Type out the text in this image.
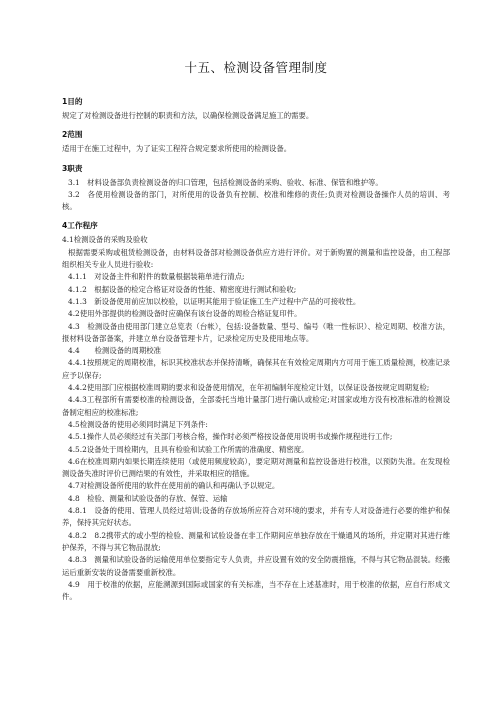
十五、检测设备管理制度
1目的
规定了对检测设备进行控制的职责和方法，以确保检测设备满足施工的需要。
2范围
适用于在施工过程中，为了证实工程符合规定要求所使用的检测设备。
3职责
3.1　材料设备部负责检测设备的归口管理，包括检测设备的采购、验收、标准、保管和维护等。
3.2　各使用检测设备的部门，对所使用的设备负有控制、校准和维修的责任;负责对检测设备操作人员的培训、考核。
4工作程序
4.1检测设备的采购及验收
根据需要采购或租赁检测设备，由材料设备部对检测设备供应方进行评价。对于新购置的测量和监控设备，由工程部组织相关专业人员进行验收:
4.1.1　对设备主件和附件的数量根据装箱单进行清点;
4.1.2　根据设备的检定合格证对设备的性能、精密度进行测试和验收;
4.1.3　新设备使用前应加以校验，以证明其能用于验证施工生产过程中产品的可接收性。
4.2使用外部提供的检测设备时应确保有该台设备的周检合格证复印件。
4.3　检测设备由使用部门建立总览表（台帐），包括:设备数量、型号、编号（唯一性标识）、检定周期、校准方法，报材料设备部备案，并建立单台设备管理卡片，记录检定历史及使用地点等。
4.4　　检测设备的周期校准
4.4.1按照规定的周期校准，标识其校准状态并保持清晰，确保其在有效检定周期内方可用于施工质量检测，校准记录应予以保存;
4.4.2使用部门应根据校准周期的要求和设备使用情况，在年初编制年度检定计划，以保证设备按规定周期复检;
4.4.3工程部所有需要校准的检测设备，全部委托当地计量部门进行确认或检定;对国家或地方没有校准标准的检测设备制定相应的校准标准;
4.5检测设备的使用必须同时满足下列条件:
4.5.1操作人员必须经过有关部门考核合格，操作时必须严格按设备使用说明书或操作规程进行工作;
4.5.2设备处于周检期内，且具有检验和试验工作所需的准确度、精密度。
4.6在校准周期内如果长期连续使用（或使用频度较高），要定期对测量和监控设备进行校准，以预防失准。在发现检测设备失准时评价已测结果的有效性，并采取相应的措施。
4.7对检测设备所使用的软件在使用前的确认和再确认予以规定。
4.8　检验、测量和试验设备的存放、保管、运输
4.8.1　设备的使用、管理人员经过培训;设备的存放场所应符合对环境的要求，并有专人对设备进行必要的维护和保养，保持其完好状态。
4.8.2　8.2携带式的或小型的检验、测量和试验设备在非工作期间应单独存放在干燥通风的场所，并定期对其进行维护保养，不得与其它物品混放;
4.8.3　测量和试验设备的运输使用单位要指定专人负责，并应设置有效的安全防震措施，不得与其它物品混装。经搬运后重新安装的设备需要重新校准。
4.9　用于校准的依据，应能溯源到国际或国家的有关标准，当不存在上述基准时，用于校准的依据，应自行形成文件。
